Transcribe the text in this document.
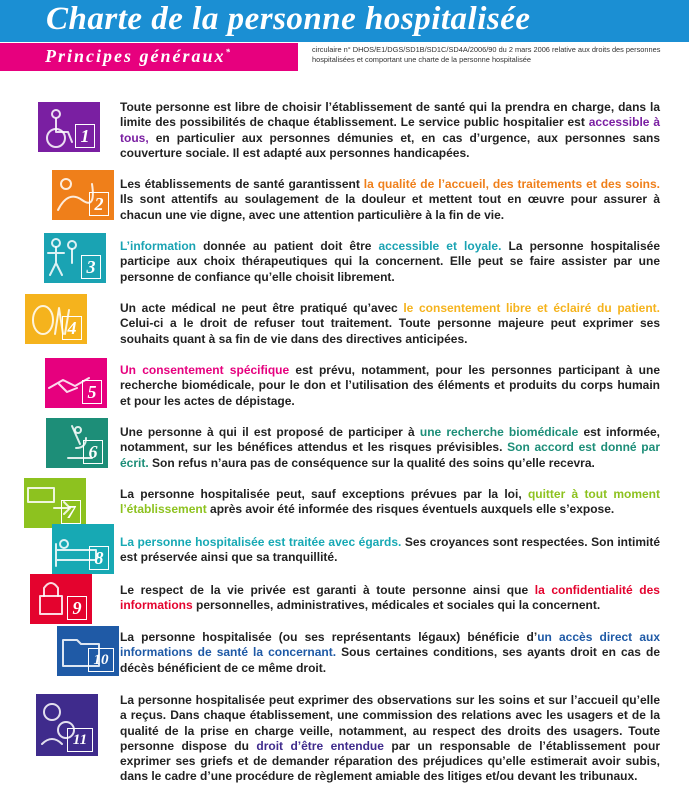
Charte de la personne hospitalisée
Principes généraux*	circulaire n° DHOS/E1/DGS/SD1B/SD1C/SD4A/2006/90 du 2 mars 2006 relative aux droits des personnes hospitalisées et comportant une charte de la personne hospitalisée
1
Toute personne est libre de choisir l’établissement de santé qui la prendra en charge, dans la limite des possibilités de chaque établissement. Le service public hospitalier est accessible à tous, en particulier aux personnes démunies et, en cas d’urgence, aux personnes sans couverture sociale. Il est adapté aux personnes handicapées.
2
Les établissements de santé garantissent la qualité de l’accueil, des traitements et des soins. Ils sont attentifs au soulagement de la douleur et mettent tout en œuvre pour assurer à chacun une vie digne, avec une attention particulière à la fin de vie.
3
L’information donnée au patient doit être accessible et loyale. La personne hospitalisée participe aux choix thérapeutiques qui la concernent. Elle peut se faire assister par une personne de confiance qu’elle choisit librement.
4
Un acte médical ne peut être pratiqué qu’avec le consentement libre et éclairé du patient. Celui-ci a le droit de refuser tout traitement. Toute personne majeure peut exprimer ses souhaits quant à sa fin de vie dans des directives anticipées.
5
Un consentement spécifique est prévu, notamment, pour les personnes participant à une recherche biomédicale, pour le don et l’utilisation des éléments et produits du corps humain et pour les actes de dépistage.
6
Une personne à qui il est proposé de participer à une recherche biomédicale est informée, notamment, sur les bénéfices attendus et les risques prévisibles. Son accord est donné par écrit. Son refus n’aura pas de conséquence sur la qualité des soins qu’elle recevra.
7
La personne hospitalisée peut, sauf exceptions prévues par la loi, quitter à tout moment l’établissement après avoir été informée des risques éventuels auxquels elle s’expose.
8
La personne hospitalisée est traitée avec égards. Ses croyances sont respectées. Son intimité est préservée ainsi que sa tranquillité.
9
Le respect de la vie privée est garanti à toute personne ainsi que la confidentialité des informations personnelles, administratives, médicales et sociales qui la concernent.
10
La personne hospitalisée (ou ses représentants légaux) bénéficie d’un accès direct aux informations de santé la concernant. Sous certaines conditions, ses ayants droit en cas de décès bénéficient de ce même droit.
11
La personne hospitalisée peut exprimer des observations sur les soins et sur l’accueil qu’elle a reçus. Dans chaque établissement, une commission des relations avec les usagers et de la qualité de la prise en charge veille, notamment, au respect des droits des usagers. Toute personne dispose du droit d’être entendue par un responsable de l’établissement pour exprimer ses griefs et de demander réparation des préjudices qu’elle estimerait avoir subis, dans le cadre d’une procédure de règlement amiable des litiges et/ou devant les tribunaux.
